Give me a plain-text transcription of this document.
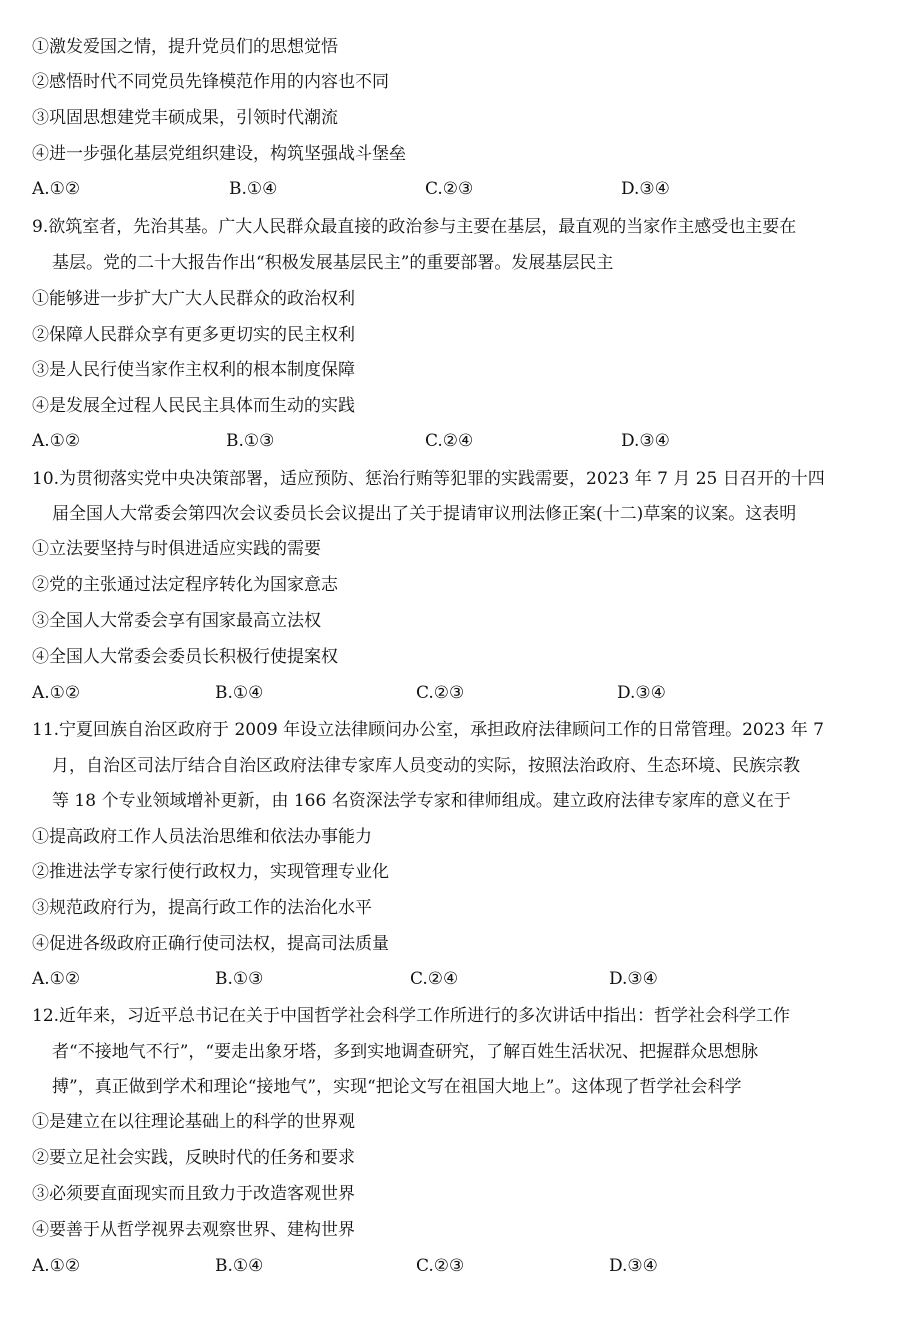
①激发爱国之情，提升党员们的思想觉悟
②感悟时代不同党员先锋模范作用的内容也不同
③巩固思想建党丰硕成果，引领时代潮流
④进一步强化基层党组织建设，构筑坚强战斗堡垒
A.①②	B.①④	C.②③	D.③④
9.欲筑室者，先治其基。广大人民群众最直接的政治参与主要在基层，最直观的当家作主感受也主要在
基层。党的二十大报告作出“积极发展基层民主”的重要部署。发展基层民主
①能够进一步扩大广大人民群众的政治权利
②保障人民群众享有更多更切实的民主权利
③是人民行使当家作主权利的根本制度保障
④是发展全过程人民民主具体而生动的实践
A.①②	B.①③	C.②④	D.③④
10.为贯彻落实党中央决策部署，适应预防、惩治行贿等犯罪的实践需要，2023 年 7 月 25 日召开的十四
届全国人大常委会第四次会议委员长会议提出了关于提请审议刑法修正案(十二)草案的议案。这表明
①立法要坚持与时俱进适应实践的需要
②党的主张通过法定程序转化为国家意志
③全国人大常委会享有国家最高立法权
④全国人大常委会委员长积极行使提案权
A.①②	B.①④	C.②③	D.③④
11.宁夏回族自治区政府于 2009 年设立法律顾问办公室，承担政府法律顾问工作的日常管理。2023 年 7
月，自治区司法厅结合自治区政府法律专家库人员变动的实际，按照法治政府、生态环境、民族宗教
等 18 个专业领域增补更新，由 166 名资深法学专家和律师组成。建立政府法律专家库的意义在于
①提高政府工作人员法治思维和依法办事能力
②推进法学专家行使行政权力，实现管理专业化
③规范政府行为，提高行政工作的法治化水平
④促进各级政府正确行使司法权，提高司法质量
A.①②	B.①③	C.②④	D.③④
12.近年来，习近平总书记在关于中国哲学社会科学工作所进行的多次讲话中指出：哲学社会科学工作
者“不接地气不行”，“要走出象牙塔，多到实地调查研究，了解百姓生活状况、把握群众思想脉
搏”，真正做到学术和理论“接地气”，实现“把论文写在祖国大地上”。这体现了哲学社会科学
①是建立在以往理论基础上的科学的世界观
②要立足社会实践，反映时代的任务和要求
③必须要直面现实而且致力于改造客观世界
④要善于从哲学视界去观察世界、建构世界
A.①②	B.①④	C.②③	D.③④
